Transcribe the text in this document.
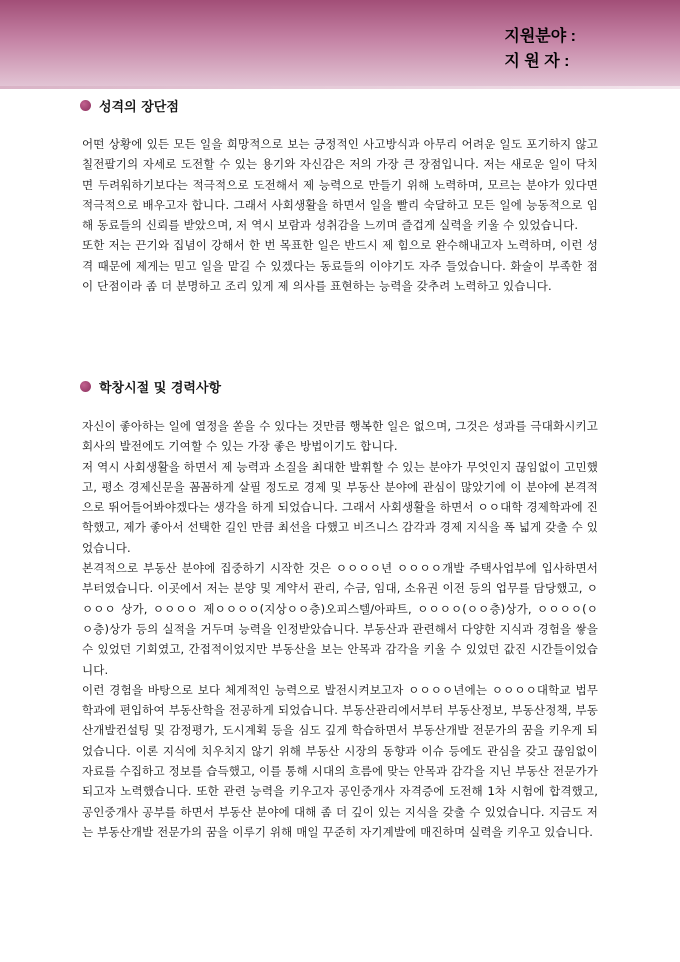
지원분야 :
지 원 자 :
성격의 장단점

어떤 상황에 있든 모든 일을 희망적으로 보는 긍정적인 사고방식과 아무리 어려운 일도 포기하지 않고 칠전팔기의 자세로 도전할 수 있는 용기와 자신감은 저의 가장 큰 장점입니다. 저는 새로운 일이 닥치면 두려워하기보다는 적극적으로 도전해서 제 능력으로 만들기 위해 노력하며, 모르는 분야가 있다면 적극적으로 배우고자 합니다. 그래서 사회생활을 하면서 일을 빨리 숙달하고 모든 일에 능동적으로 임해 동료들의 신뢰를 받았으며, 저 역시 보람과 성취감을 느끼며 즐겁게 실력을 키울 수 있었습니다.

또한 저는 끈기와 집념이 강해서 한 번 목표한 일은 반드시 제 힘으로 완수해내고자 노력하며, 이런 성격 때문에 제게는 믿고 일을 맡길 수 있겠다는 동료들의 이야기도 자주 들었습니다. 화술이 부족한 점이 단점이라 좀 더 분명하고 조리 있게 제 의사를 표현하는 능력을 갖추려 노력하고 있습니다.

학창시절 및 경력사항

자신이 좋아하는 일에 열정을 쏟을 수 있다는 것만큼 행복한 일은 없으며, 그것은 성과를 극대화시키고 회사의 발전에도 기여할 수 있는 가장 좋은 방법이기도 합니다.

저 역시 사회생활을 하면서 제 능력과 소질을 최대한 발휘할 수 있는 분야가 무엇인지 끊임없이 고민했고, 평소 경제신문을 꼼꼼하게 살필 정도로 경제 및 부동산 분야에 관심이 많았기에 이 분야에 본격적으로 뛰어들어봐야겠다는 생각을 하게 되었습니다. 그래서 사회생활을 하면서 ㅇㅇ대학 경제학과에 진학했고, 제가 좋아서 선택한 길인 만큼 최선을 다했고 비즈니스 감각과 경제 지식을 폭 넓게 갖출 수 있었습니다.

본격적으로 부동산 분야에 집중하기 시작한 것은 ㅇㅇㅇㅇ년 ㅇㅇㅇㅇ개발 주택사업부에 입사하면서 부터였습니다. 이곳에서 저는 분양 및 계약서 관리, 수금, 임대, 소유권 이전 등의 업무를 담당했고, ㅇㅇㅇㅇ 상가, ㅇㅇㅇㅇ 제ㅇㅇㅇㅇ(지상ㅇㅇ층)오피스텔/아파트, ㅇㅇㅇㅇ(ㅇㅇ층)상가, ㅇㅇㅇㅇ(ㅇㅇ층)상가 등의 실적을 거두며 능력을 인정받았습니다. 부동산과 관련해서 다양한 지식과 경험을 쌓을 수 있었던 기회였고, 간접적이었지만 부동산을 보는 안목과 감각을 키울 수 있었던 값진 시간들이었습니다.

이런 경험을 바탕으로 보다 체계적인 능력으로 발전시켜보고자 ㅇㅇㅇㅇ년에는 ㅇㅇㅇㅇ대학교 법무학과에 편입하여 부동산학을 전공하게 되었습니다. 부동산관리에서부터 부동산정보, 부동산정책, 부동산개발컨설팅 및 감정평가, 도시계획 등을 심도 깊게 학습하면서 부동산개발 전문가의 꿈을 키우게 되었습니다. 이론 지식에 치우치지 않기 위해 부동산 시장의 동향과 이슈 등에도 관심을 갖고 끊임없이 자료를 수집하고 정보를 습득했고, 이를 통해 시대의 흐름에 맞는 안목과 감각을 지닌 부동산 전문가가 되고자 노력했습니다. 또한 관련 능력을 키우고자 공인중개사 자격증에 도전해 1차 시험에 합격했고, 공인중개사 공부를 하면서 부동산 분야에 대해 좀 더 깊이 있는 지식을 갖출 수 있었습니다. 지금도 저는 부동산개발 전문가의 꿈을 이루기 위해 매일 꾸준히 자기계발에 매진하며 실력을 키우고 있습니다.
